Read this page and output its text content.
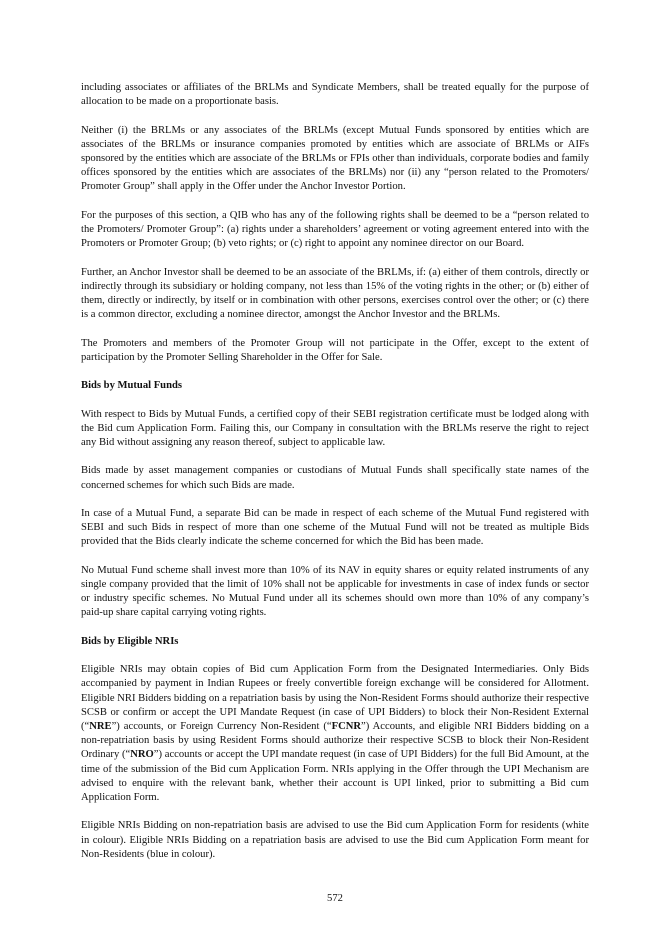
including associates or affiliates of the BRLMs and Syndicate Members, shall be treated equally for the purpose of allocation to be made on a proportionate basis.

Neither (i) the BRLMs or any associates of the BRLMs (except Mutual Funds sponsored by entities which are associates of the BRLMs or insurance companies promoted by entities which are associate of BRLMs or AIFs sponsored by the entities which are associate of the BRLMs or FPIs other than individuals, corporate bodies and family offices sponsored by the entities which are associates of the BRLMs) nor (ii) any “person related to the Promoters/ Promoter Group” shall apply in the Offer under the Anchor Investor Portion.

For the purposes of this section, a QIB who has any of the following rights shall be deemed to be a “person related to the Promoters/ Promoter Group”: (a) rights under a shareholders’ agreement or voting agreement entered into with the Promoters or Promoter Group; (b) veto rights; or (c) right to appoint any nominee director on our Board.

Further, an Anchor Investor shall be deemed to be an associate of the BRLMs, if: (a) either of them controls, directly or indirectly through its subsidiary or holding company, not less than 15% of the voting rights in the other; or (b) either of them, directly or indirectly, by itself or in combination with other persons, exercises control over the other; or (c) there is a common director, excluding a nominee director, amongst the Anchor Investor and the BRLMs.

The Promoters and members of the Promoter Group will not participate in the Offer, except to the extent of participation by the Promoter Selling Shareholder in the Offer for Sale.

Bids by Mutual Funds

With respect to Bids by Mutual Funds, a certified copy of their SEBI registration certificate must be lodged along with the Bid cum Application Form. Failing this, our Company in consultation with the BRLMs reserve the right to reject any Bid without assigning any reason thereof, subject to applicable law.

Bids made by asset management companies or custodians of Mutual Funds shall specifically state names of the concerned schemes for which such Bids are made.

In case of a Mutual Fund, a separate Bid can be made in respect of each scheme of the Mutual Fund registered with SEBI and such Bids in respect of more than one scheme of the Mutual Fund will not be treated as multiple Bids provided that the Bids clearly indicate the scheme concerned for which the Bid has been made.

No Mutual Fund scheme shall invest more than 10% of its NAV in equity shares or equity related instruments of any single company provided that the limit of 10% shall not be applicable for investments in case of index funds or sector or industry specific schemes. No Mutual Fund under all its schemes should own more than 10% of any company’s paid-up share capital carrying voting rights.

Bids by Eligible NRIs

Eligible NRIs may obtain copies of Bid cum Application Form from the Designated Intermediaries. Only Bids accompanied by payment in Indian Rupees or freely convertible foreign exchange will be considered for Allotment. Eligible NRI Bidders bidding on a repatriation basis by using the Non-Resident Forms should authorize their respective SCSB or confirm or accept the UPI Mandate Request (in case of UPI Bidders) to block their Non-Resident External (“NRE”) accounts, or Foreign Currency Non-Resident (“FCNR”) Accounts, and eligible NRI Bidders bidding on a non-repatriation basis by using Resident Forms should authorize their respective SCSB to block their Non-Resident Ordinary (“NRO”) accounts or accept the UPI mandate request (in case of UPI Bidders) for the full Bid Amount, at the time of the submission of the Bid cum Application Form. NRIs applying in the Offer through the UPI Mechanism are advised to enquire with the relevant bank, whether their account is UPI linked, prior to submitting a Bid cum Application Form.

Eligible NRIs Bidding on non-repatriation basis are advised to use the Bid cum Application Form for residents (white in colour). Eligible NRIs Bidding on a repatriation basis are advised to use the Bid cum Application Form meant for Non-Residents (blue in colour).

572
